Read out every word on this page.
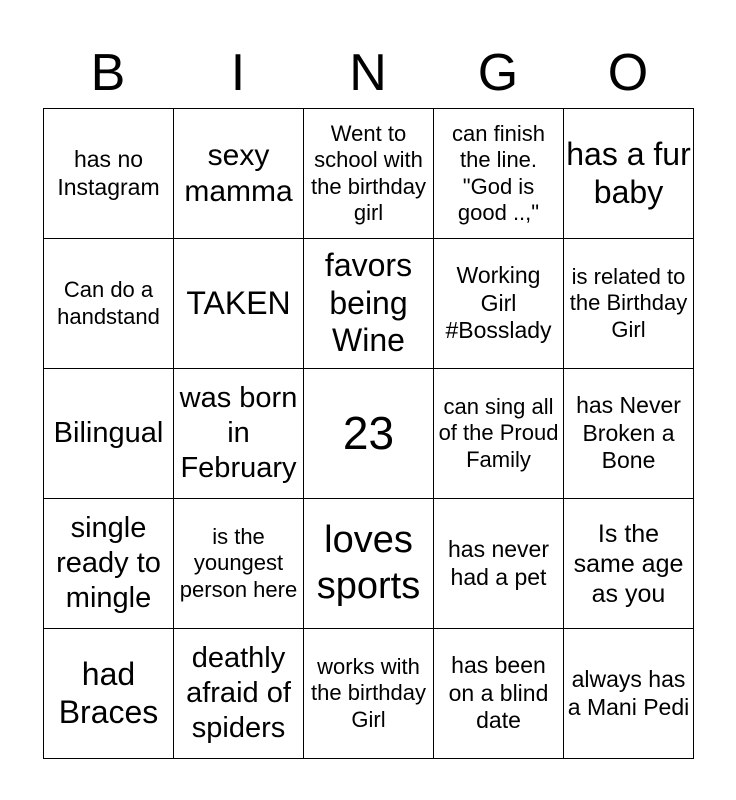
B	I	N	G	O
has no Instagram	sexy mamma	Went to school with the birthday girl	can finish the line. "God is good ..,"	has a fur baby
Can do a handstand	TAKEN	favors being Wine	Working Girl #Bosslady	is related to the Birthday Girl
Bilingual	was born in February	23	can sing all of the Proud Family	has Never Broken a Bone
single ready to mingle	is the youngest person here	loves sports	has never had a pet	Is the same age as you
had Braces	deathly afraid of spiders	works with the birthday Girl	has been on a blind date	always has a Mani Pedi
